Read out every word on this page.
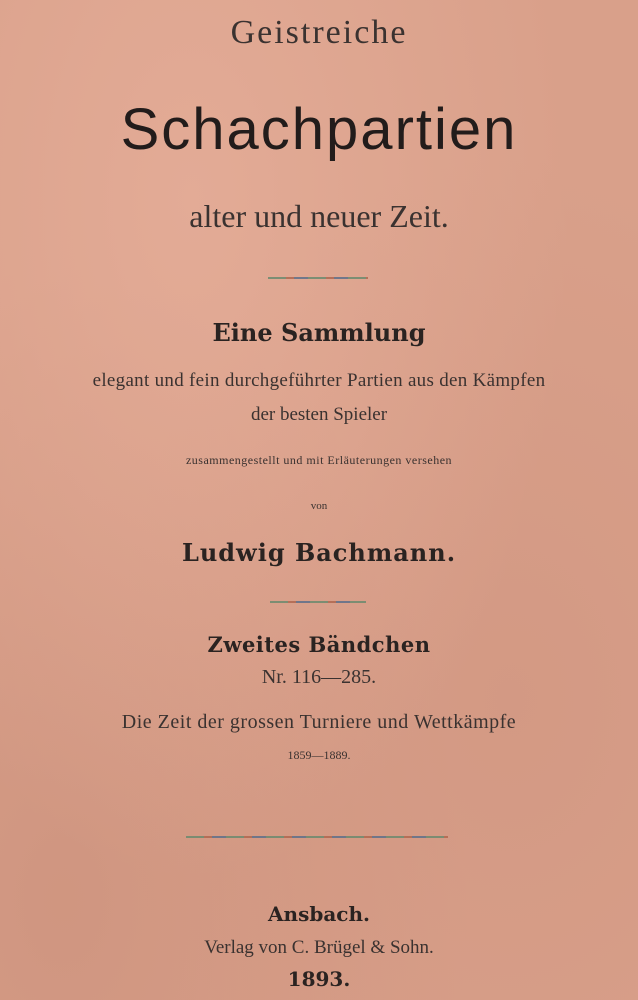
Geistreiche
Schachpartien
alter und neuer Zeit.
Eine Sammlung
elegant und fein durchgeführter Partien aus den Kämpfen
der besten Spieler
zusammengestellt und mit Erläuterungen versehen
von
Ludwig Bachmann.
Zweites Bändchen
Nr. 116—285.
Die Zeit der grossen Turniere und Wettkämpfe
1859—1889.
Ansbach.
Verlag von C. Brügel & Sohn.
1893.
